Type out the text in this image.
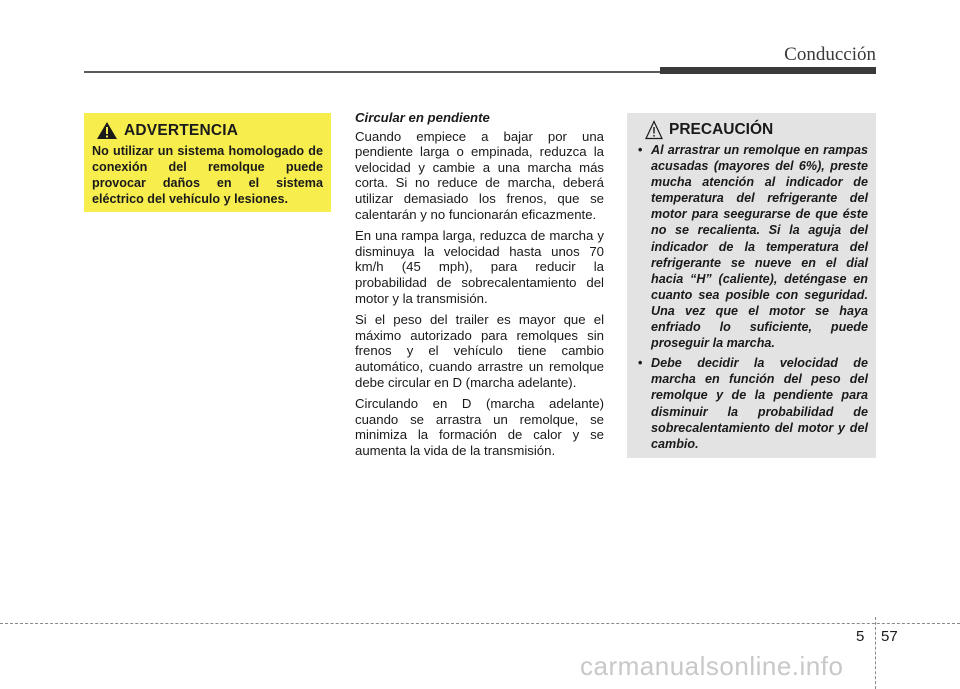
Conducción
ADVERTENCIA
No utilizar un sistema homologado de conexión del remolque puede provocar daños en el sistema eléctrico del vehículo y lesiones.

Circular en pendiente

Cuando empiece a bajar por una pendiente larga o empinada, reduzca la velocidad y cambie a una marcha más corta. Si no reduce de marcha, deberá utilizar demasiado los frenos, que se calentarán y no funcionarán eficazmente.

En una rampa larga, reduzca de marcha y disminuya la velocidad hasta unos 70 km/h (45 mph), para reducir la probabilidad de sobrecalentamiento del motor y la transmisión.

Si el peso del trailer es mayor que el máximo autorizado para remolques sin frenos y el vehículo tiene cambio automático, cuando arrastre un remolque debe circular en D (marcha adelante).

Circulando en D (marcha adelante) cuando se arrastra un remolque, se minimiza la formación de calor y se aumenta la vida de la transmisión.

PRECAUCIÓN
• Al arrastrar un remolque en rampas acusadas (mayores del 6%), preste mucha atención al indicador de temperatura del refrigerante del motor para seegurarse de que éste no se recalienta. Si la aguja del indicador de la temperatura del refrigerante se nueve en el dial hacia “H” (caliente), deténgase en cuanto sea posible con seguridad. Una vez que el motor se haya enfriado lo suficiente, puede proseguir la marcha.
• Debe decidir la velocidad de marcha en función del peso del remolque y de la pendiente para disminuir la probabilidad de sobrecalentamiento del motor y del cambio.
5 57
carmanualsonline.info
